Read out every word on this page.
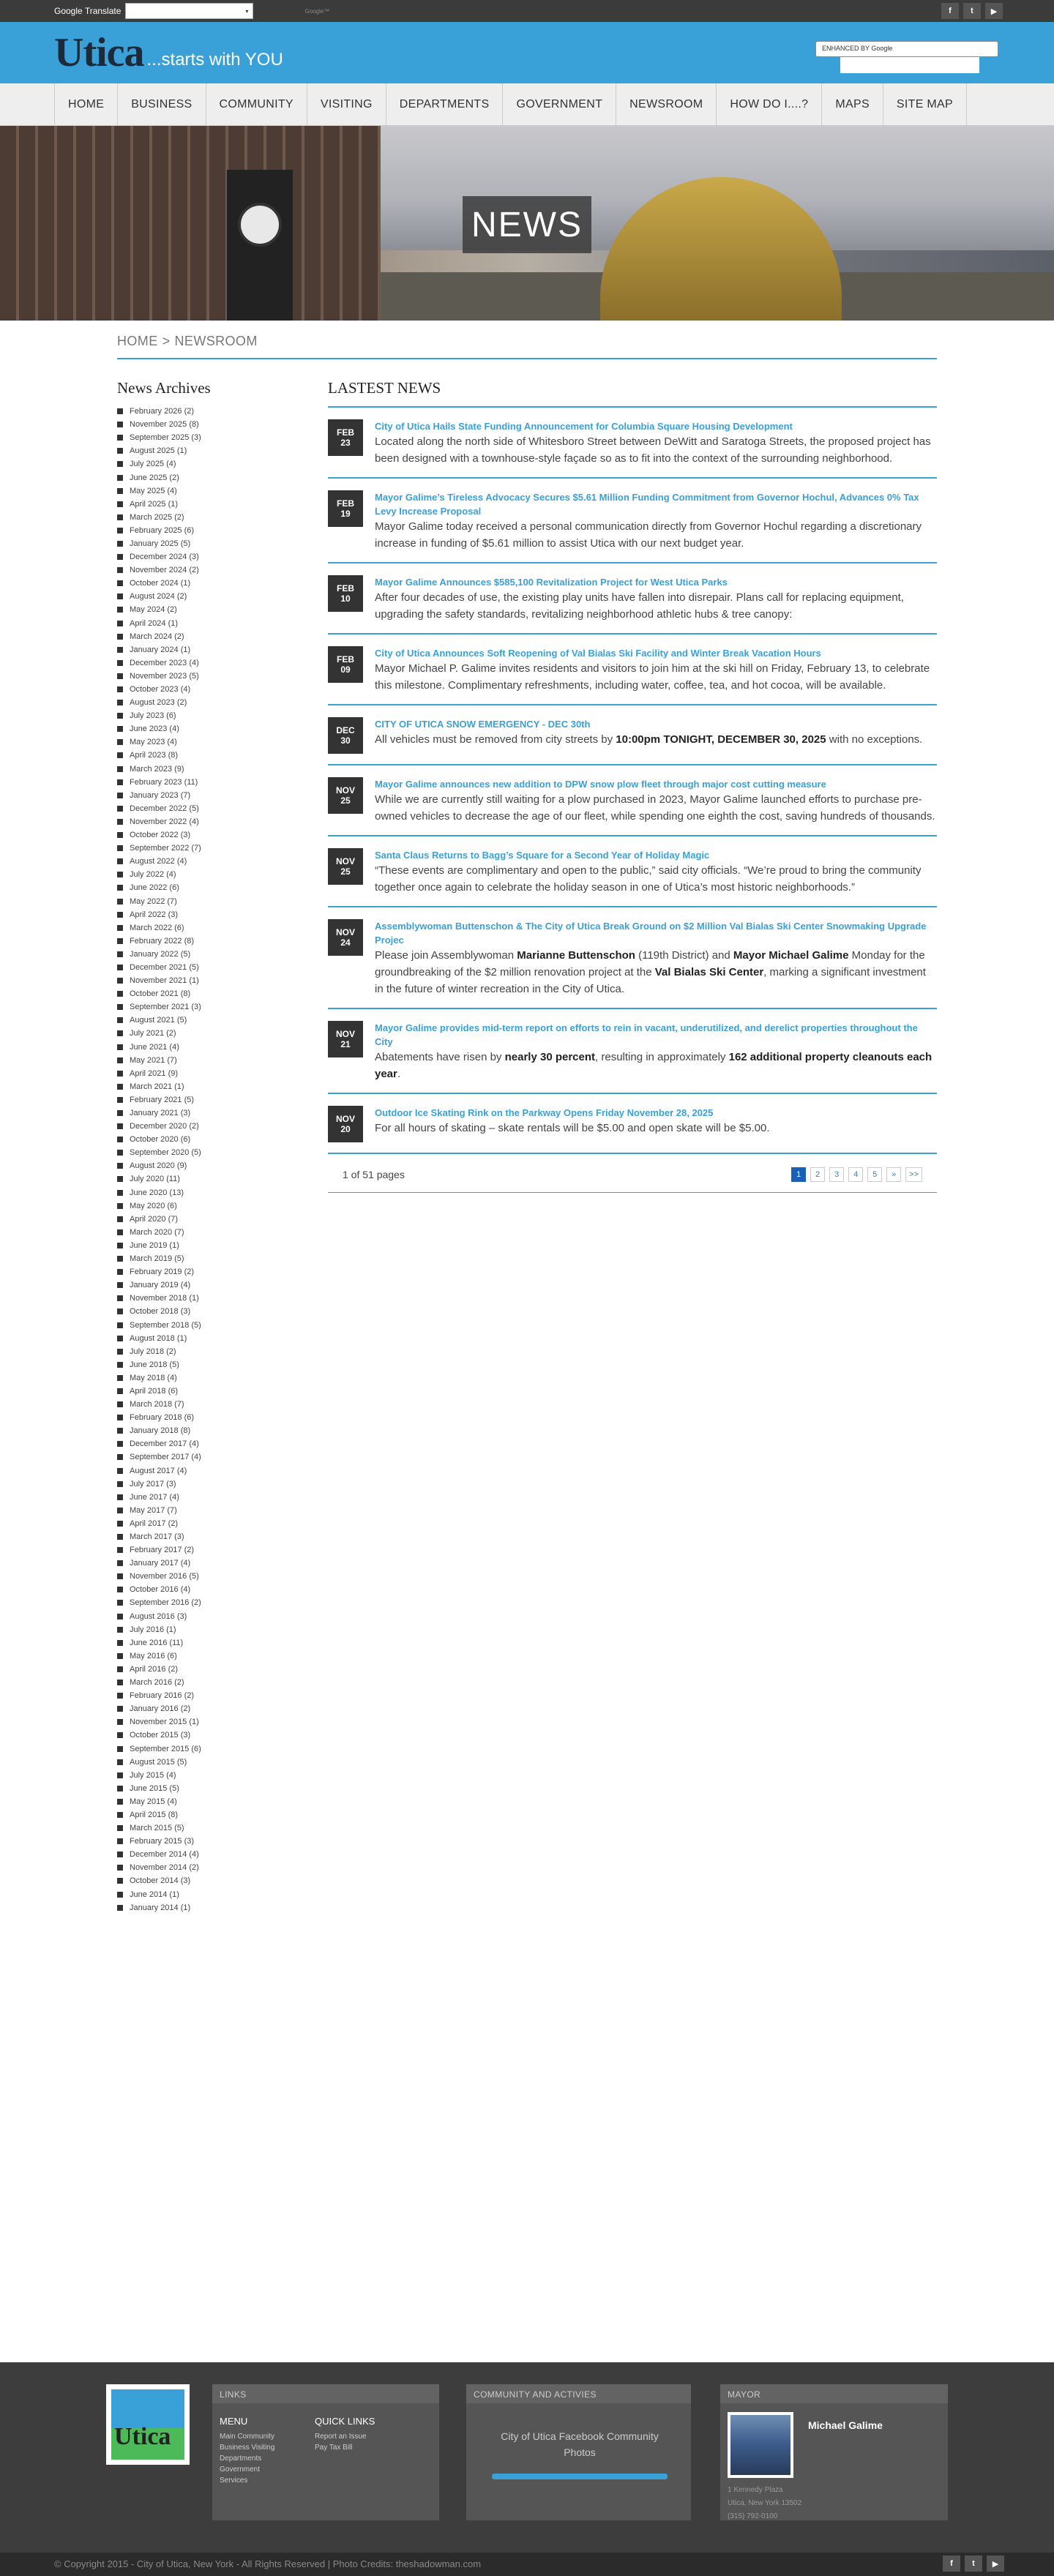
Google Translate	▾	Google™	f	t	▶
Utica ...starts with YOU
ENHANCED BY Google
HOME	BUSINESS	COMMUNITY	VISITING	DEPARTMENTS	GOVERNMENT	NEWSROOM	HOW DO I....?	MAPS	SITE MAP
NEWS
HOME > NEWSROOM
News Archives
February 2026 (2)
November 2025 (8)
September 2025 (3)
August 2025 (1)
July 2025 (4)
June 2025 (2)
May 2025 (4)
April 2025 (1)
March 2025 (2)
February 2025 (6)
January 2025 (5)
December 2024 (3)
November 2024 (2)
October 2024 (1)
August 2024 (2)
May 2024 (2)
April 2024 (1)
March 2024 (2)
January 2024 (1)
December 2023 (4)
November 2023 (5)
October 2023 (4)
August 2023 (2)
July 2023 (6)
June 2023 (4)
May 2023 (4)
April 2023 (8)
March 2023 (9)
February 2023 (11)
January 2023 (7)
December 2022 (5)
November 2022 (4)
October 2022 (3)
September 2022 (7)
August 2022 (4)
July 2022 (4)
June 2022 (6)
May 2022 (7)
April 2022 (3)
March 2022 (6)
February 2022 (8)
January 2022 (5)
December 2021 (5)
November 2021 (1)
October 2021 (8)
September 2021 (3)
August 2021 (5)
July 2021 (2)
June 2021 (4)
May 2021 (7)
April 2021 (9)
March 2021 (1)
February 2021 (5)
January 2021 (3)
December 2020 (2)
October 2020 (6)
September 2020 (5)
August 2020 (9)
July 2020 (11)
June 2020 (13)
May 2020 (6)
April 2020 (7)
March 2020 (7)
June 2019 (1)
March 2019 (5)
February 2019 (2)
January 2019 (4)
November 2018 (1)
October 2018 (3)
September 2018 (5)
August 2018 (1)
July 2018 (2)
June 2018 (5)
May 2018 (4)
April 2018 (6)
March 2018 (7)
February 2018 (6)
January 2018 (8)
December 2017 (4)
September 2017 (4)
August 2017 (4)
July 2017 (3)
June 2017 (4)
May 2017 (7)
April 2017 (2)
March 2017 (3)
February 2017 (2)
January 2017 (4)
November 2016 (5)
October 2016 (4)
September 2016 (2)
August 2016 (3)
July 2016 (1)
June 2016 (11)
May 2016 (6)
April 2016 (2)
March 2016 (2)
February 2016 (2)
January 2016 (2)
November 2015 (1)
October 2015 (3)
September 2015 (6)
August 2015 (5)
July 2015 (4)
June 2015 (5)
May 2015 (4)
April 2015 (8)
March 2015 (5)
February 2015 (3)
December 2014 (4)
November 2014 (2)
October 2014 (3)
June 2014 (1)
January 2014 (1)
LASTEST NEWS
FEB
23
City of Utica Hails State Funding Announcement for Columbia Square Housing Development
Located along the north side of Whitesboro Street between DeWitt and Saratoga Streets, the proposed project has been designed with a townhouse-style façade so as to fit into the context of the surrounding neighborhood.
FEB
19
Mayor Galime’s Tireless Advocacy Secures $5.61 Million Funding Commitment from Governor Hochul, Advances 0% Tax Levy Increase Proposal
Mayor Galime today received a personal communication directly from Governor Hochul regarding a discretionary increase in funding of $5.61 million to assist Utica with our next budget year.
FEB
10
Mayor Galime Announces $585,100 Revitalization Project for West Utica Parks
After four decades of use, the existing play units have fallen into disrepair. Plans call for replacing equipment, upgrading the safety standards, revitalizing neighborhood athletic hubs & tree canopy:
FEB
09
City of Utica Announces Soft Reopening of Val Bialas Ski Facility and Winter Break Vacation Hours
Mayor Michael P. Galime invites residents and visitors to join him at the ski hill on Friday, February 13, to celebrate this milestone. Complimentary refreshments, including water, coffee, tea, and hot cocoa, will be available.
DEC
30
CITY OF UTICA SNOW EMERGENCY - DEC 30th
All vehicles must be removed from city streets by 10:00pm TONIGHT, DECEMBER 30, 2025 with no exceptions.
NOV
25
Mayor Galime announces new addition to DPW snow plow fleet through major cost cutting measure
While we are currently still waiting for a plow purchased in 2023, Mayor Galime launched efforts to purchase pre-owned vehicles to decrease the age of our fleet, while spending one eighth the cost, saving hundreds of thousands.
NOV
25
Santa Claus Returns to Bagg’s Square for a Second Year of Holiday Magic
“These events are complimentary and open to the public,” said city officials. “We’re proud to bring the community together once again to celebrate the holiday season in one of Utica’s most historic neighborhoods.”
NOV
24
Assemblywoman Buttenschon & The City of Utica Break Ground on $2 Million Val Bialas Ski Center Snowmaking Upgrade Projec
Please join Assemblywoman Marianne Buttenschon (119th District) and Mayor Michael Galime Monday for the groundbreaking of the $2 million renovation project at the Val Bialas Ski Center, marking a significant investment in the future of winter recreation in the City of Utica.
NOV
21
Mayor Galime provides mid-term report on efforts to rein in vacant, underutilized, and derelict properties throughout the City
Abatements have risen by nearly 30 percent, resulting in approximately 162 additional property cleanouts each year.
NOV
20
Outdoor Ice Skating Rink on the Parkway Opens Friday November 28, 2025
For all hours of skating – skate rentals will be $5.00 and open skate will be $5.00.
1 of 51 pages	1	2	3	4	5	»	>>
Utica
LINKS
MENU
Main Community
Business Visiting
Departments
Government
Services
QUICK LINKS
Report an Issue
Pay Tax Bill
COMMUNITY AND ACTIVIES
City of Utica Facebook Community Photos
MAYOR
Michael Galime
1 Kennedy Plaza
Utica, New York 13502
(315) 792-0100
© Copyright 2015 - City of Utica, New York - All Rights Reserved | Photo Credits: theshadowman.com	f	t	▶
